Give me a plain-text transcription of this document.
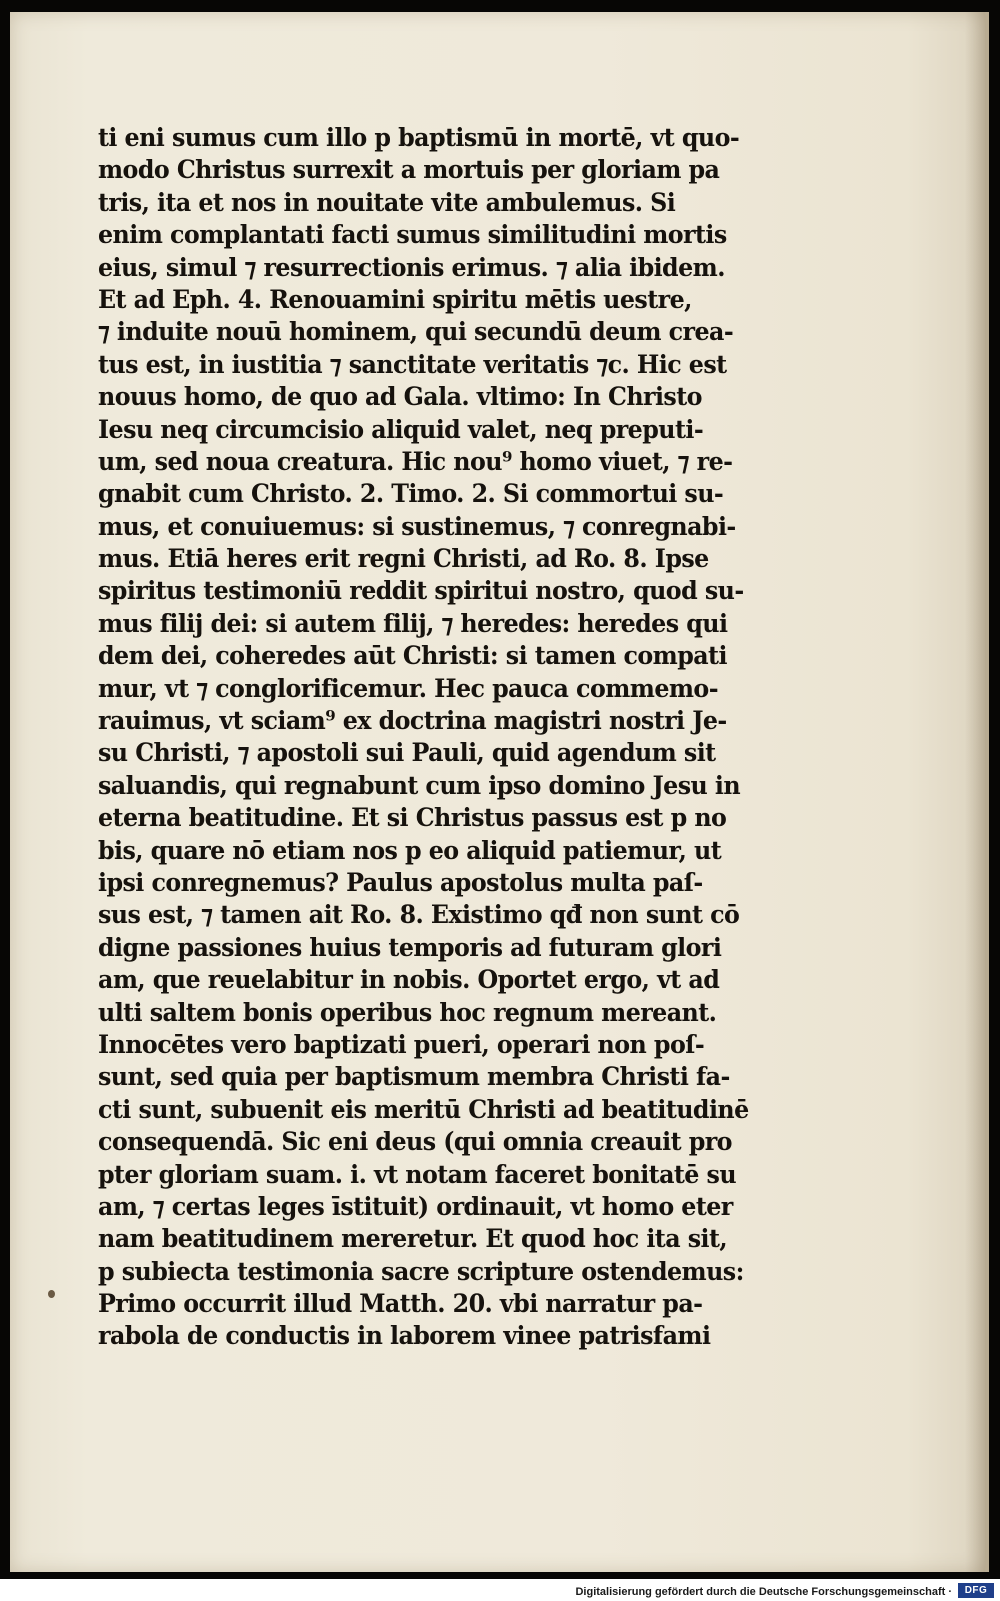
ti eni sumus cum illo p baptismū in mortē, vt quo-

modo Christus surrexit a mortuis per gloriam pa

tris, ita et nos in nouitate vite ambulemus. Si

enim complantati facti sumus similitudini mortis

eius, simul ⁊ resurrectionis erimus. ⁊ alia ibidem.

Et ad Eph. 4. Renouamini spiritu mētis uestre,

⁊ induite nouū hominem, qui secundū deum crea-

tus est, in iustitia ⁊ sanctitate veritatis ⁊c. Hic est

nouus homo, de quo ad Gala. vltimo: In Christo

Iesu neq circumcisio aliquid valet, neq preputi-

um, sed noua creatura. Hic nou⁹ homo viuet, ⁊ re-

gnabit cum Christo. 2. Timo. 2. Si commortui su-

mus, et conuiuemus: si sustinemus, ⁊ conregnabi-

mus. Etiā heres erit regni Christi, ad Ro. 8. Ipse

spiritus testimoniū reddit spiritui nostro, quod su-

mus filij dei: si autem filij, ⁊ heredes: heredes qui

dem dei, coheredes aūt Christi: si tamen compati

mur, vt ⁊ conglorificemur. Hec pauca commemo-

rauimus, vt sciam⁹ ex doctrina magistri nostri Je-

su Christi, ⁊ apostoli sui Pauli, quid agendum sit

saluandis, qui regnabunt cum ipso domino Jesu in

eterna beatitudine. Et si Christus passus est p no

bis, quare nō etiam nos p eo aliquid patiemur, ut

ipsi conregnemus? Paulus apostolus multa paſ-

sus est, ⁊ tamen ait Ro. 8. Existimo qđ non sunt cō

digne passiones huius temporis ad futuram glori

am, que reuelabitur in nobis. Oportet ergo, vt ad

ulti saltem bonis operibus hoc regnum mereant.

Innocētes vero baptizati pueri, operari non poſ-

sunt, sed quia per baptismum membra Christi fa-

cti sunt, subuenit eis meritū Christi ad beatitudinē

consequendā. Sic eni deus (qui omnia creauit pro

pter gloriam suam. i. vt notam faceret bonitatē su

am, ⁊ certas leges īstituit) ordinauit, vt homo eter

nam beatitudinem mereretur. Et quod hoc ita sit,

p subiecta testimonia sacre scripture ostendemus:

Primo occurrit illud Matth. 20. vbi narratur pa-

rabola de conductis in laborem vinee patrisfami

Digitalisierung gefördert durch die Deutsche Forschungsgemeinschaft ·	DFG
